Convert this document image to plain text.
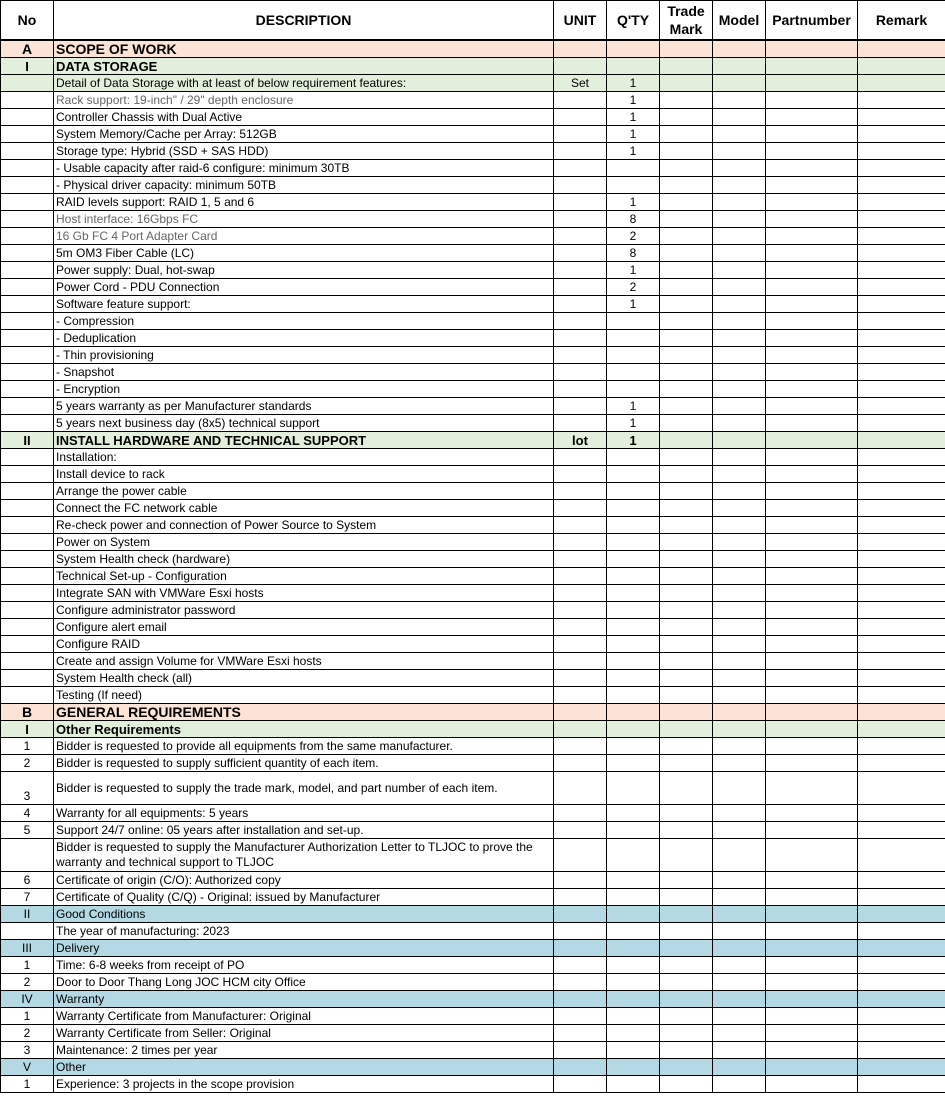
No	DESCRIPTION	UNIT	Q'TY	Trade Mark	Model	Partnumber	Remark
A	SCOPE OF WORK						
I	DATA STORAGE						
	Detail of Data Storage with at least of below requirement features:	Set	1				
	Rack support: 19-inch" / 29" depth enclosure		1				
	Controller Chassis with Dual Active		1				
	System Memory/Cache per Array: 512GB		1				
	Storage type: Hybrid (SSD + SAS HDD)		1				
	- Usable capacity after raid-6 configure: minimum 30TB						
	- Physical driver capacity: minimum 50TB						
	RAID levels support: RAID 1, 5 and 6		1				
	Host interface: 16Gbps FC		8				
	16 Gb FC 4 Port Adapter Card		2				
	5m OM3 Fiber Cable (LC)		8				
	Power supply: Dual, hot-swap		1				
	Power Cord - PDU Connection		2				
	Software feature support:		1				
	- Compression						
	- Deduplication						
	- Thin provisioning						
	- Snapshot						
	- Encryption						
	5 years warranty as per Manufacturer standards		1				
	5 years next business day (8x5) technical support		1				
II	INSTALL HARDWARE AND TECHNICAL SUPPORT	lot	1				
	Installation:						
	Install device to rack						
	Arrange the power cable						
	Connect the FC network cable						
	Re-check power and connection of Power Source to System						
	Power on System						
	System Health check (hardware)						
	Technical Set-up - Configuration						
	Integrate SAN with VMWare Esxi hosts						
	Configure administrator password						
	Configure alert email						
	Configure RAID						
	Create and assign Volume for VMWare Esxi hosts						
	System Health check (all)						
	Testing (If need)						
B	GENERAL REQUIREMENTS						
I	Other Requirements						
1	Bidder is requested to provide all equipments from the same manufacturer.						
2	Bidder is requested to supply sufficient quantity of each item.						
3	Bidder is requested to supply the trade mark, model, and part number of each item.						
4	Warranty for all equipments: 5 years						
5	Support 24/7 online: 05 years after installation and set-up.						
	Bidder is requested to supply the Manufacturer Authorization Letter to TLJOC to prove the warranty and technical support to TLJOC						
6	Certificate of origin (C/O): Authorized copy						
7	Certificate of Quality (C/Q) - Original: issued by Manufacturer						
II	Good Conditions						
	The year of manufacturing: 2023						
III	Delivery						
1	Time: 6-8 weeks from receipt of PO						
2	Door to Door Thang Long JOC HCM city Office						
IV	Warranty						
1	Warranty Certificate from Manufacturer: Original						
2	Warranty Certificate from Seller: Original						
3	Maintenance: 2 times per year						
V	Other						
1	Experience: 3 projects in the scope provision						
